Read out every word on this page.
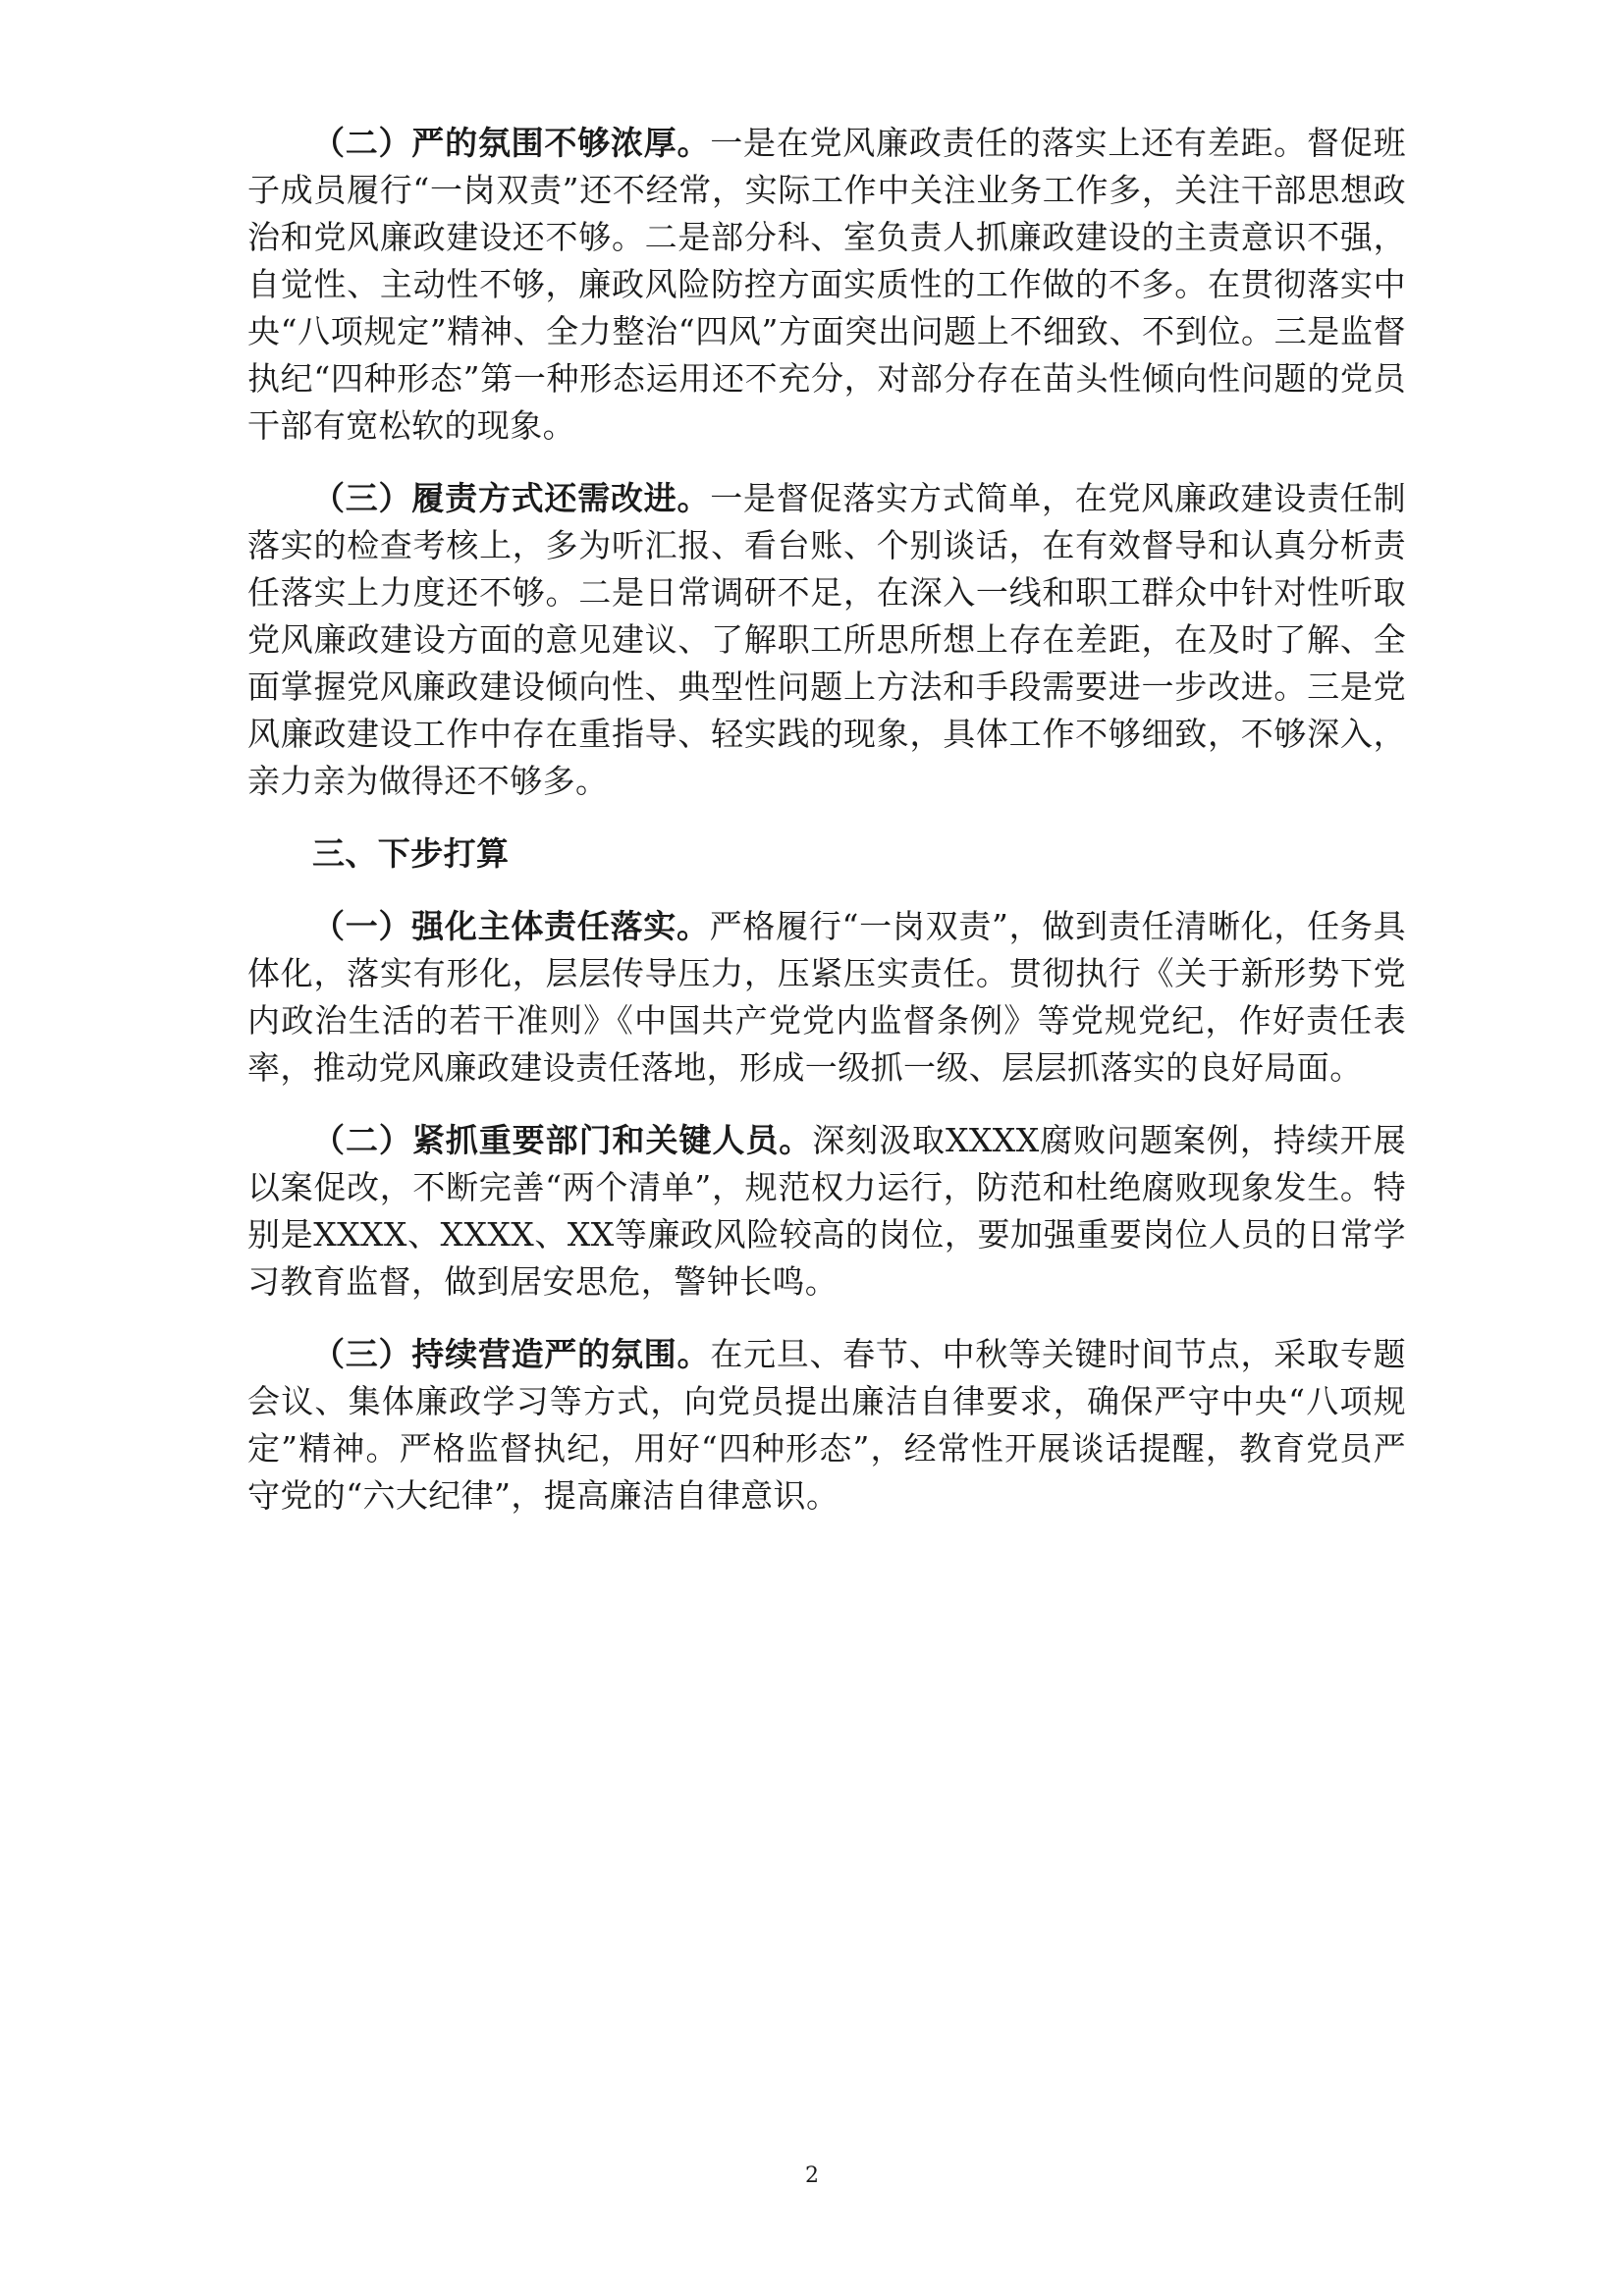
（二）严的氛围不够浓厚。一是在党风廉政责任的落实上还有差距。督促班子成员履行“一岗双责”还不经常，实际工作中关注业务工作多，关注干部思想政治和党风廉政建设还不够。二是部分科、室负责人抓廉政建设的主责意识不强，自觉性、主动性不够，廉政风险防控方面实质性的工作做的不多。在贯彻落实中央“八项规定”精神、全力整治“四风”方面突出问题上不细致、不到位。三是监督执纪“四种形态”第一种形态运用还不充分，对部分存在苗头性倾向性问题的党员干部有宽松软的现象。

（三）履责方式还需改进。一是督促落实方式简单，在党风廉政建设责任制落实的检查考核上，多为听汇报、看台账、个别谈话，在有效督导和认真分析责任落实上力度还不够。二是日常调研不足，在深入一线和职工群众中针对性听取党风廉政建设方面的意见建议、了解职工所思所想上存在差距，在及时了解、全面掌握党风廉政建设倾向性、典型性问题上方法和手段需要进一步改进。三是党风廉政建设工作中存在重指导、轻实践的现象，具体工作不够细致，不够深入，亲力亲为做得还不够多。

三、下步打算

（一）强化主体责任落实。严格履行“一岗双责”，做到责任清晰化，任务具体化，落实有形化，层层传导压力，压紧压实责任。贯彻执行《关于新形势下党内政治生活的若干准则》《中国共产党党内监督条例》等党规党纪，作好责任表率，推动党风廉政建设责任落地，形成一级抓一级、层层抓落实的良好局面。

（二）紧抓重要部门和关键人员。深刻汲取XXXX腐败问题案例，持续开展以案促改，不断完善“两个清单”，规范权力运行，防范和杜绝腐败现象发生。特别是XXXX、XXXX、XX等廉政风险较高的岗位，要加强重要岗位人员的日常学习教育监督，做到居安思危，警钟长鸣。

（三）持续营造严的氛围。在元旦、春节、中秋等关键时间节点，采取专题会议、集体廉政学习等方式，向党员提出廉洁自律要求，确保严守中央“八项规定”精神。严格监督执纪，用好“四种形态”，经常性开展谈话提醒，教育党员严守党的“六大纪律”，提高廉洁自律意识。

2
